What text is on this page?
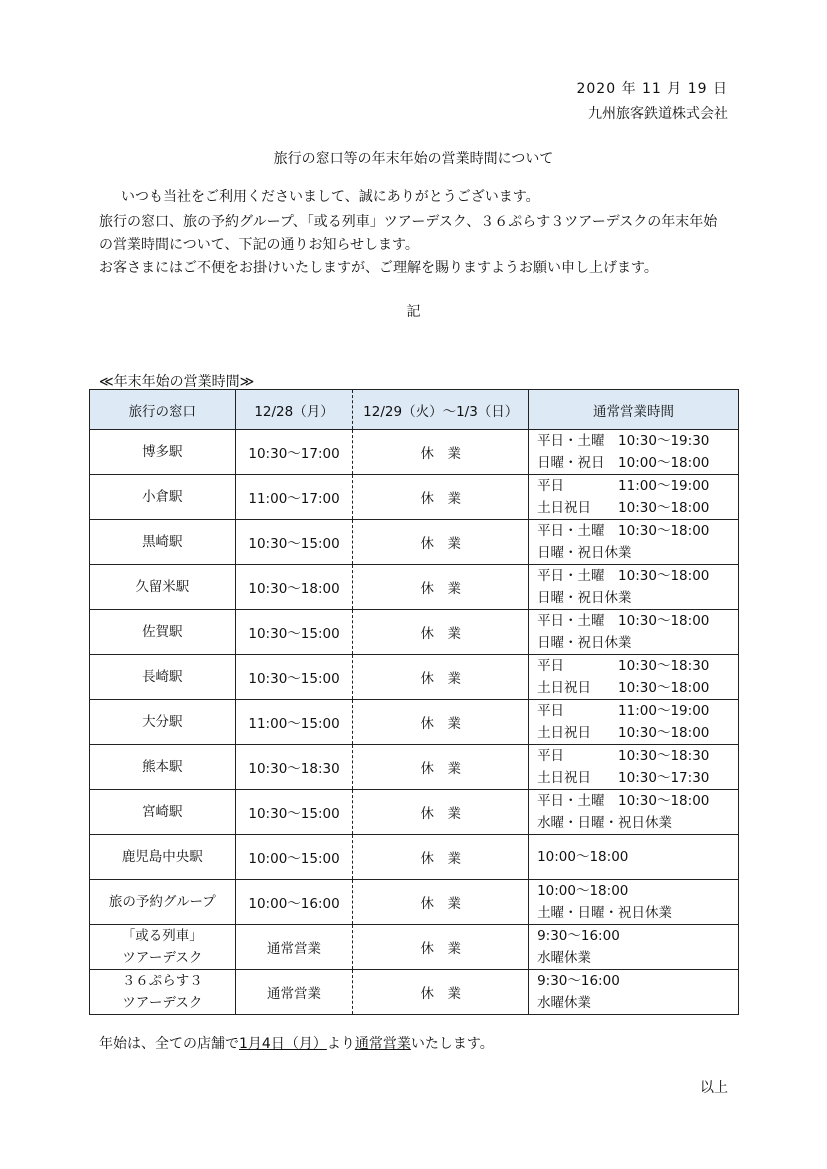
2020 年 11 月 19 日
九州旅客鉄道株式会社
旅行の窓口等の年末年始の営業時間について
いつも当社をご利用くださいまして、誠にありがとうございます。
旅行の窓口、旅の予約グループ、「或る列車」ツアーデスク、３６ぷらす３ツアーデスクの年末年始
の営業時間について、下記の通りお知らせします。
お客さまにはご不便をお掛けいたしますが、ご理解を賜りますようお願い申し上げます。
記
≪年末年始の営業時間≫
旅行の窓口	12/28（月）	12/29（火）〜1/3（日）	通常営業時間

博多駅	10:30〜17:00	休　業	平日・土曜　10:30〜19:30
日曜・祝日　10:00〜18:00

小倉駅	11:00〜17:00	休　業	平日　　　　11:00〜19:00
土日祝日　　10:30〜18:00

黒崎駅	10:30〜15:00	休　業	平日・土曜　10:30〜18:00
日曜・祝日休業

久留米駅	10:30〜18:00	休　業	平日・土曜　10:30〜18:00
日曜・祝日休業

佐賀駅	10:30〜15:00	休　業	平日・土曜　10:30〜18:00
日曜・祝日休業

長崎駅	10:30〜15:00	休　業	平日　　　　10:30〜18:30
土日祝日　　10:30〜18:00

大分駅	11:00〜15:00	休　業	平日　　　　11:00〜19:00
土日祝日　　10:30〜18:00

熊本駅	10:30〜18:30	休　業	平日　　　　10:30〜18:30
土日祝日　　10:30〜17:30

宮崎駅	10:30〜15:00	休　業	平日・土曜　10:30〜18:00
水曜・日曜・祝日休業

鹿児島中央駅	10:00〜15:00	休　業	10:00〜18:00

旅の予約グループ	10:00〜16:00	休　業	10:00〜18:00
土曜・日曜・祝日休業

「或る列車」
ツアーデスク	通常営業	休　業	9:30〜16:00
水曜休業

３６ぷらす３
ツアーデスク	通常営業	休　業	9:30〜16:00
水曜休業
年始は、全ての店舗で1月4日（月）より通常営業いたします。
以上
